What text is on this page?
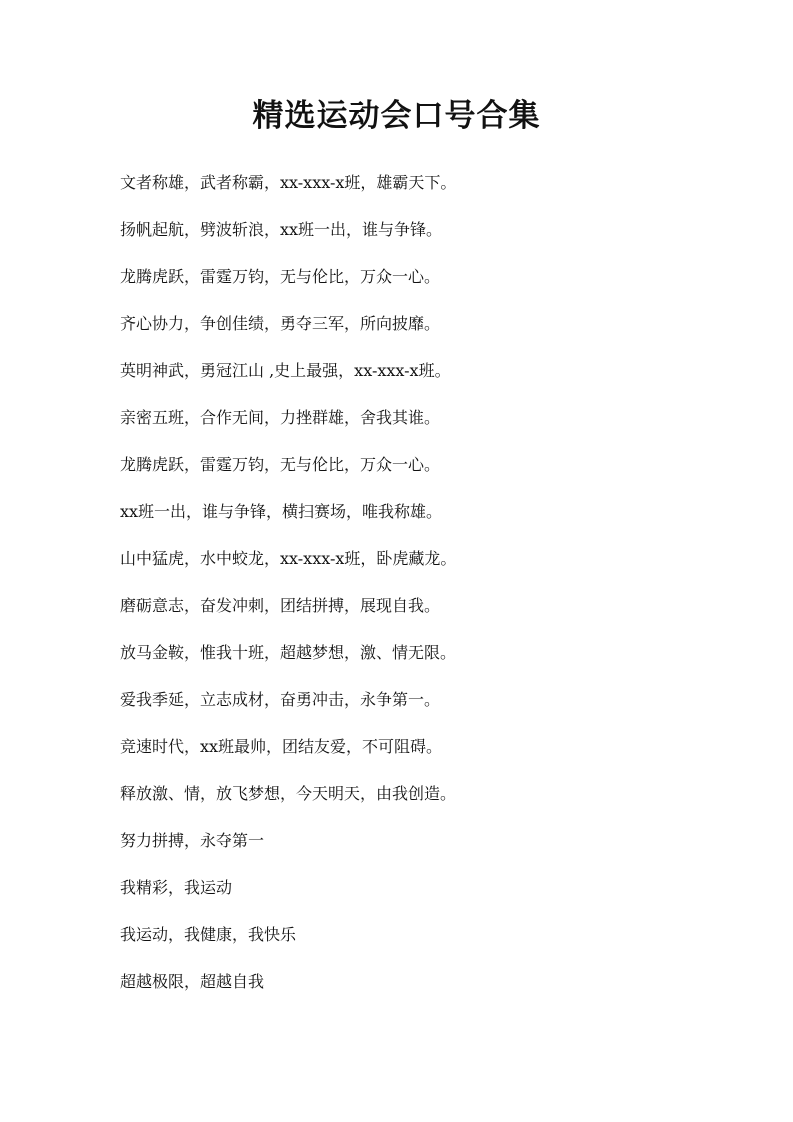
精选运动会口号合集
文者称雄，武者称霸，xx-xxx-x班，雄霸天下。
扬帆起航，劈波斩浪，xx班一出，谁与争锋。
龙腾虎跃，雷霆万钧，无与伦比，万众一心。
齐心协力，争创佳绩，勇夺三军，所向披靡。
英明神武，勇冠江山 ,史上最强，xx-xxx-x班。
亲密五班，合作无间，力挫群雄，舍我其谁。
龙腾虎跃，雷霆万钧，无与伦比，万众一心。
xx班一出，谁与争锋，横扫赛场，唯我称雄。
山中猛虎，水中蛟龙，xx-xxx-x班，卧虎藏龙。
磨砺意志，奋发冲刺，团结拼搏，展现自我。
放马金鞍，惟我十班，超越梦想，激、情无限。
爱我季延，立志成材，奋勇冲击，永争第一。
竞速时代，xx班最帅，团结友爱，不可阻碍。
释放激、情，放飞梦想，今天明天，由我创造。
努力拼搏，永夺第一
我精彩，我运动
我运动，我健康，我快乐
超越极限，超越自我
